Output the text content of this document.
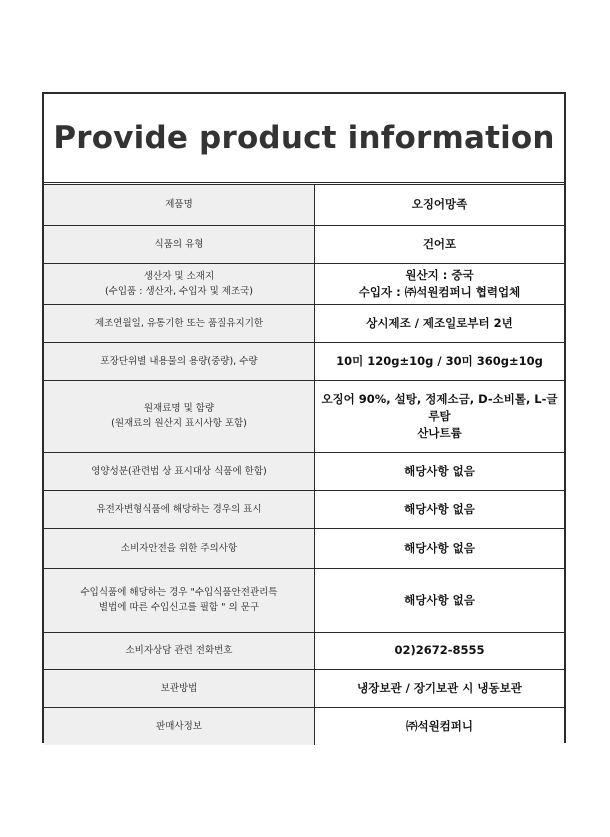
Provide product information
제품명	오징어망족

식품의 유형	건어포

생산자 및 소재지
(수입품 : 생산자, 수입자 및 제조국)	원산지 : 중국
수입자 : ㈜석원컴퍼니 협력업체

제조연월일, 유통기한 또는 품질유지기한	상시제조 / 제조일로부터 2년

포장단위별 내용물의 용량(중량), 수량	10미 120g±10g / 30미 360g±10g

원재료명 및 함량
(원재료의 원산지 표시사항 포함)	오징어 90%, 설탕, 정제소금, D-소비톨, L-글루탐
산나트륨

영양성분(관련법 상 표시대상 식품에 한함)	해당사항 없음

유전자변형식품에 해당하는 경우의 표시	해당사항 없음

소비자안전을 위한 주의사항	해당사항 없음

수입식품에 해당하는 경우 "수입식품안전관리특
별법에 따른 수입신고를 필함 " 의 문구	해당사항 없음

소비자상담 관련 전화번호	02)2672-8555

보관방법	냉장보관 / 장기보관 시 냉동보관

판매사정보	㈜석원컴퍼니
